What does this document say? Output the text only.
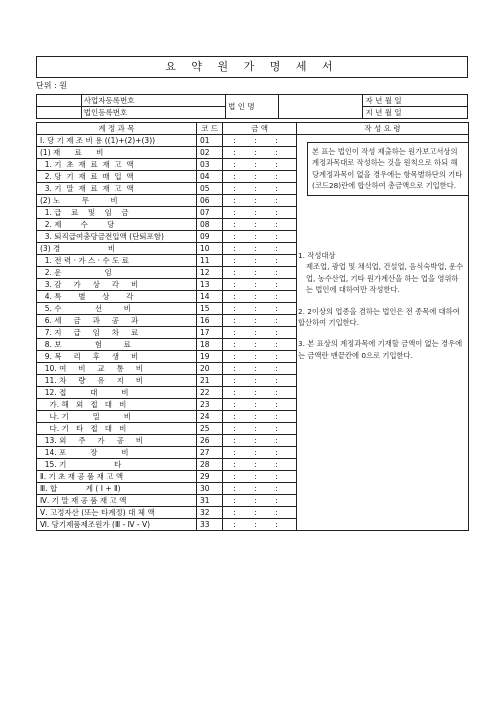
요 약 원 가 명 세 서
단위 : 원
	사업자등록번호	법 인 명		자 년 월 일
	법인등록번호			지 년 월 일
계 정 과 목	코 드	금 액	작 성 요 령
Ⅰ. 당 기 제 조 비 용 ((1)+(2)+(3))	01	: : :	
(1) 재      료      비	02	: : :	
1. 기  초  재  료  재  고  액	03	: : :	
2. 당  기  재  료  매  입  액	04	: : :	
3. 기  말  재  료  재  고  액	05	: : :	
(2) 노         무         비	06	: : :	
1. 급    료    및    임    금	07	: : :	
2. 제        수        당	08	: : :	
3. 퇴직급여충당금전입액 (단퇴포함)	09	: : :	
(3) 경                    비	10	: : :	
1. 전 력 · 가 스 · 수 도 료	11	: : :	
2. 운                  임	12	: : :	
3. 감     가     상     각     비	13	: : :	
4. 특       별       상       각	14	: : :	
5. 수              선         비	15	: : :	
6. 세     금     과     공     과	16	: : :	
7. 지     급     임     차     료	17	: : :	
8. 보              험         료	18	: : :	
9. 복     리     후     생     비	19	: : :	
10. 여     비     교     통     비	20	: : :	
11. 차     량     유     지     비	21	: : :	
12. 접          대          비	22	: : :	
가. 해   외   접   대   비	23	: : :	
나. 기          밀          비	24	: : :	
다. 기   타   접   대   비	25	: : :	
13. 외     주     가     공     비	26	: : :	
14. 포          장          비	27	: : :	
15. 기                    타	28	: : :	
Ⅱ. 기 초 재 공 품 재 고 액	29	: : :	
Ⅲ. 합            계 ( Ⅰ + Ⅱ)	30	: : :	
Ⅳ. 기 말 재 공 품 재 고 액	31	: : :	
Ⅴ. 고정자산 (또는 타계정) 대 체 액	32	: : :	
Ⅵ. 당기제품제조원가 (Ⅲ - Ⅳ - Ⅴ)	33	: : :	
본 표는 법인이 작성 제출하는 원가보고서상의 계정과목대로 작성하는 것을 원칙으로 하되 해당계정과목이 없을 경우에는 항목별하단의 기타(코드28)란에 합산하여 총금액으로 기입한다.
1. 작성대상
제조업, 광업 및 채석업, 건설업, 음식숙박업, 운수업, 농수산업, 기타 원가계산을 하는 업을 영위하는 법인에 대하여만 작성한다.
2. 2이상의 업종을 겸하는 법인은 전 종목에 대하여 합산하여 기입한다.
3. 본 표상의 계정과목에 기재할 금액이 없는 경우에는 금액란 맨끝칸에 0으로 기입한다.
